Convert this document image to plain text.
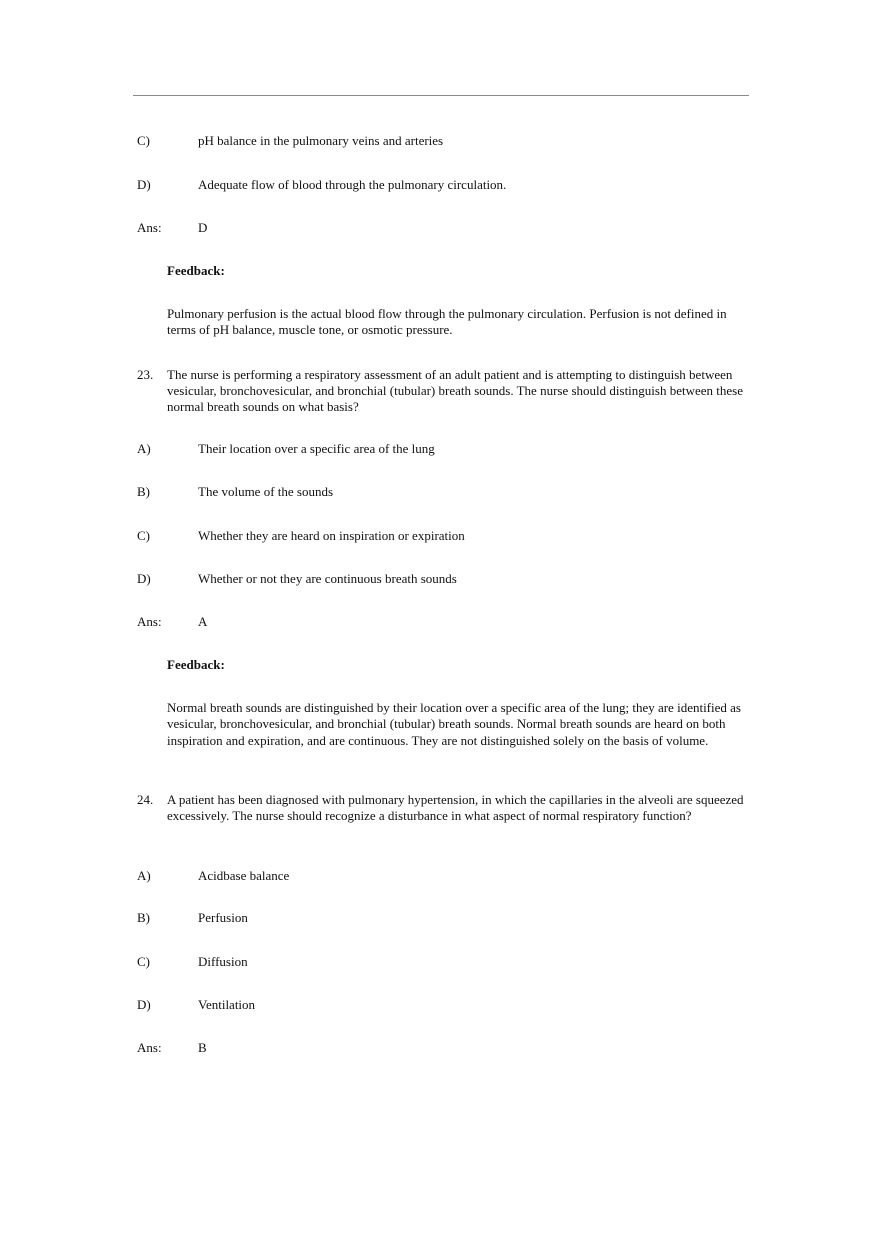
C)	pH balance in the pulmonary veins and arteries
D)	Adequate flow of blood through the pulmonary circulation.
Ans:	D
Feedback:
Pulmonary perfusion is the actual blood flow through the pulmonary circulation. Perfusion is not defined in terms of pH balance, muscle tone, or osmotic pressure.
23. The nurse is performing a respiratory assessment of an adult patient and is attempting to distinguish between vesicular, bronchovesicular, and bronchial (tubular) breath sounds. The nurse should distinguish between these normal breath sounds on what basis?
A)	Their location over a specific area of the lung
B)	The volume of the sounds
C)	Whether they are heard on inspiration or expiration
D)	Whether or not they are continuous breath sounds
Ans:	A
Feedback:
Normal breath sounds are distinguished by their location over a specific area of the lung; they are identified as vesicular, bronchovesicular, and bronchial (tubular) breath sounds. Normal breath sounds are heard on both inspiration and expiration, and are continuous. They are not distinguished solely on the basis of volume.
24. A patient has been diagnosed with pulmonary hypertension, in which the capillaries in the alveoli are squeezed excessively. The nurse should recognize a disturbance in what aspect of normal respiratory function?
A)	Acidbase balance
B)	Perfusion
C)	Diffusion
D)	Ventilation
Ans:	B
